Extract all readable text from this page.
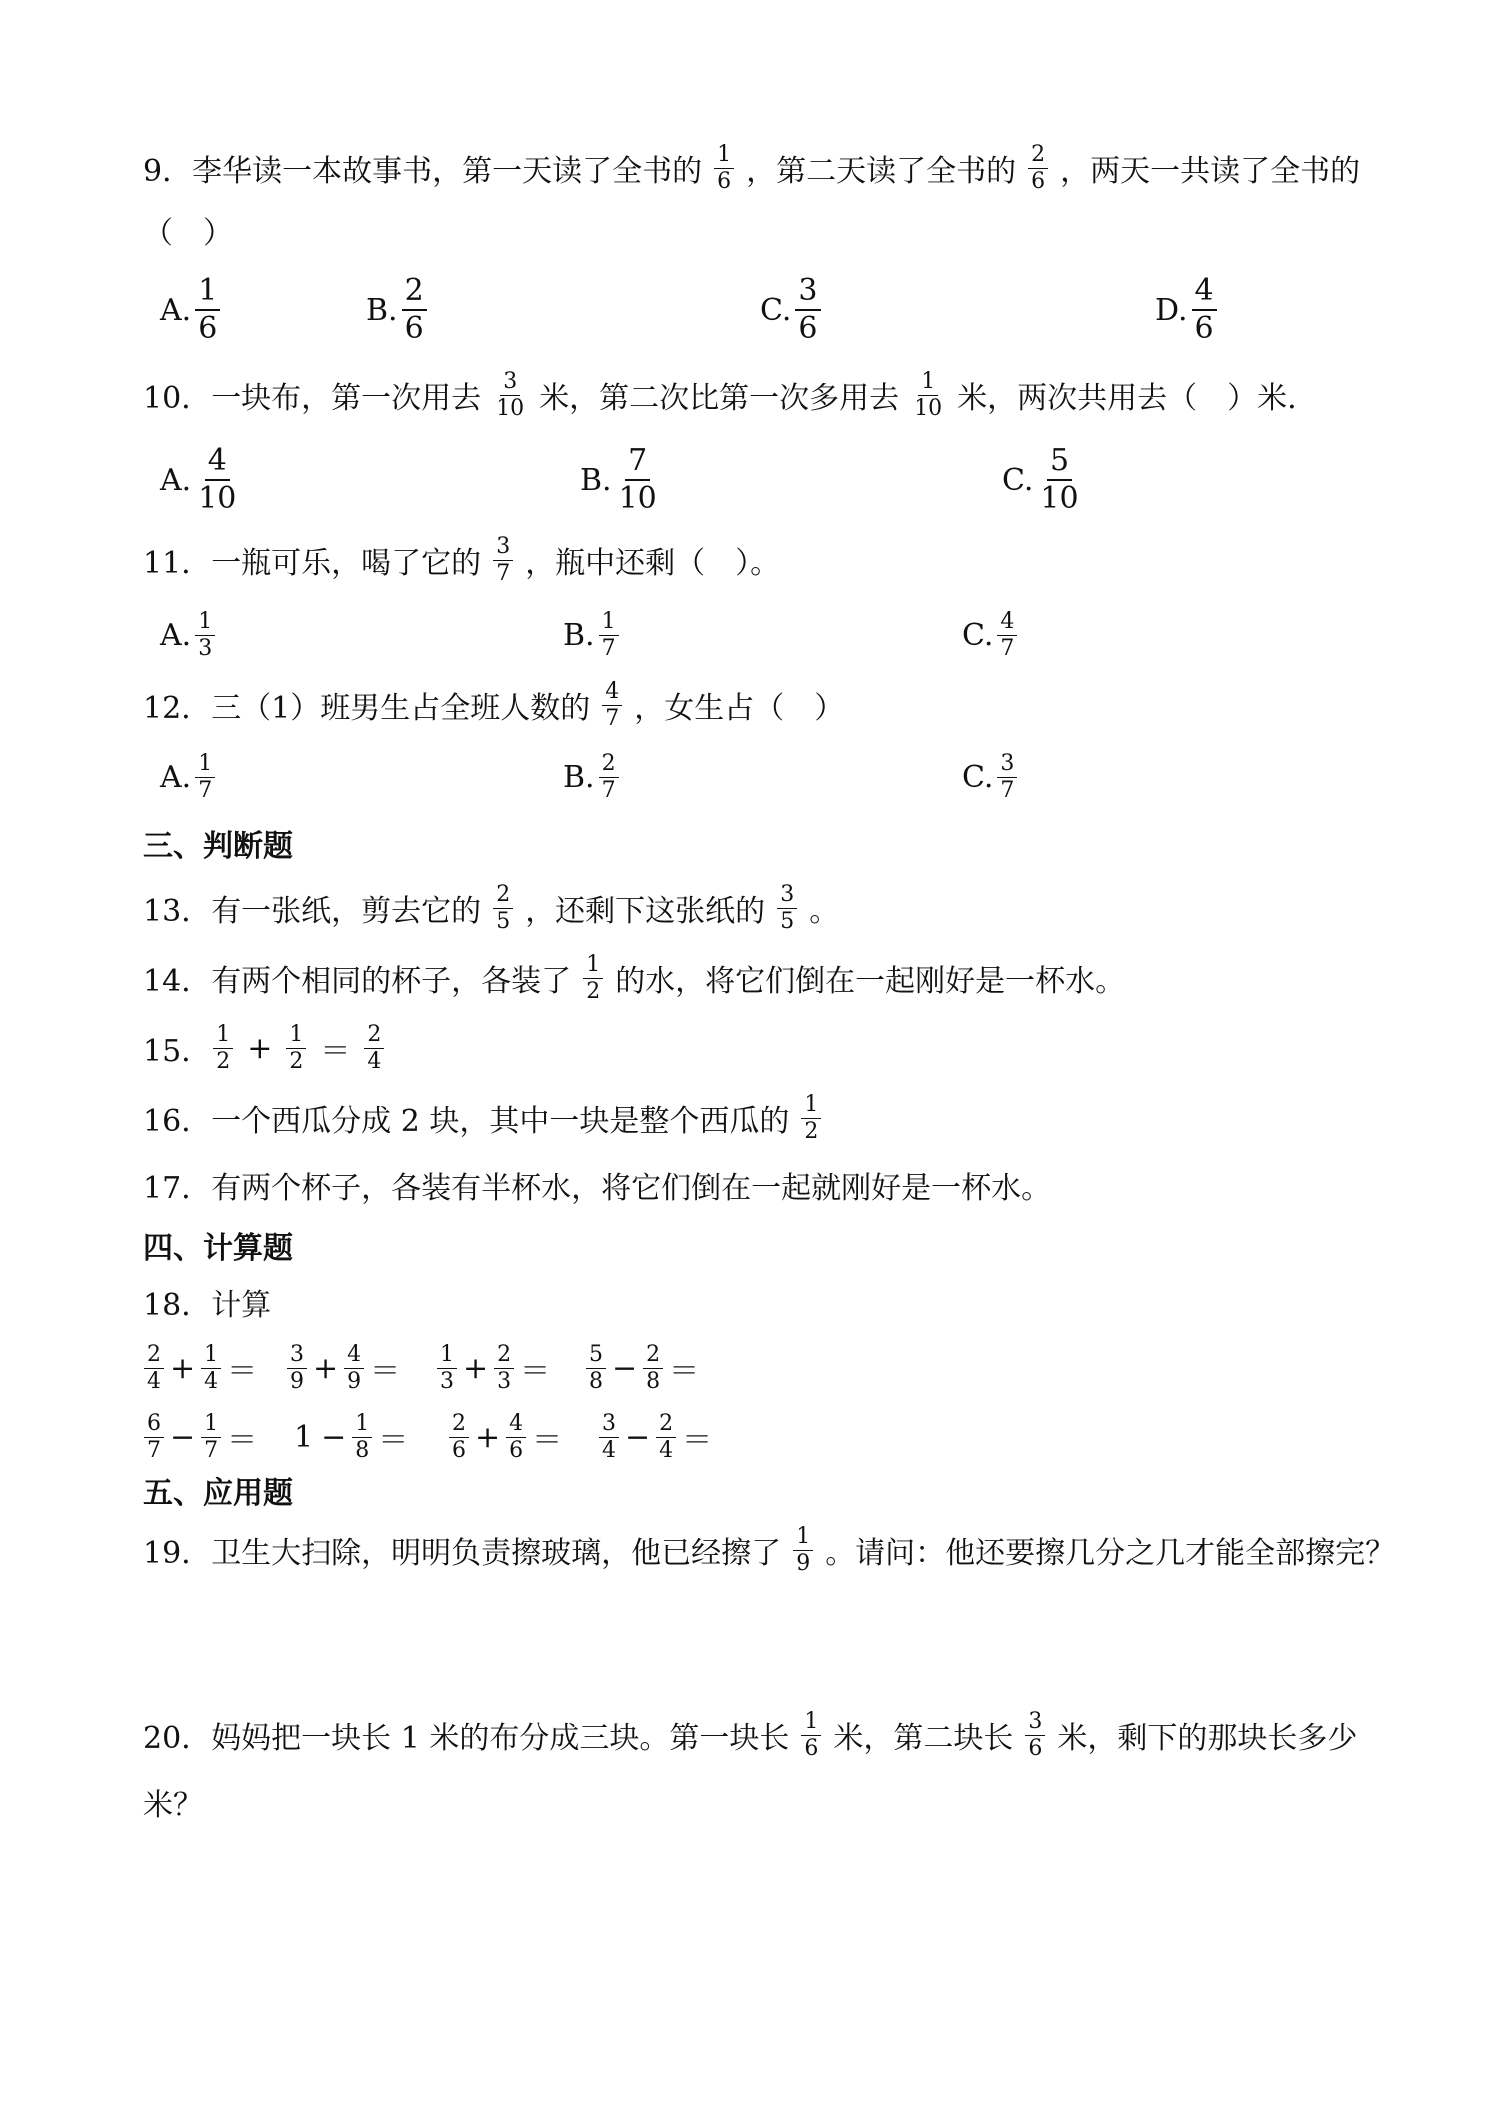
9． 李华读一本故事书，第一天读了全书的 $\frac{1}{6}$ ，第二天读了全书的 $\frac{2}{6}$ ，两天一共读了全书的
（　）
A. $\frac{1}{6}$	B. $\frac{2}{6}$	C. $\frac{3}{6}$	D. $\frac{4}{6}$
10． 一块布，第一次用去 $\frac{3}{10}$ 米，第二次比第一次多用去 $\frac{1}{10}$ 米，两次共用去（　）米.
A. $\frac{4}{10}$	B. $\frac{7}{10}$	C. $\frac{5}{10}$
11． 一瓶可乐，喝了它的 $\frac{3}{7}$ ，瓶中还剩（　）。
A. $\frac{1}{3}$	B. $\frac{1}{7}$	C. $\frac{4}{7}$
12． 三（1）班男生占全班人数的 $\frac{4}{7}$ ，女生占（　）
A. $\frac{1}{7}$	B. $\frac{2}{7}$	C. $\frac{3}{7}$
三、判断题
13． 有一张纸，剪去它的 $\frac{2}{5}$ ，还剩下这张纸的 $\frac{3}{5}$ 。
14． 有两个相同的杯子，各装了 $\frac{1}{2}$ 的水，将它们倒在一起刚好是一杯水。
15． $\frac{1}{2} + \frac{1}{2} = \frac{2}{4}$
16． 一个西瓜分成 2 块，其中一块是整个西瓜的 $\frac{1}{2}$
17． 有两个杯子，各装有半杯水，将它们倒在一起就刚好是一杯水。
四、计算题
18． 计算
$\frac{2}{4} + \frac{1}{4} = \frac{3}{9} + \frac{4}{9} = \frac{1}{3} + \frac{2}{3} = \frac{5}{8} - \frac{2}{8}$ ＝
$\frac{6}{7} - \frac{1}{7} = 1 - \frac{1}{8} = \frac{2}{6} + \frac{4}{6} = \frac{3}{4} - \frac{2}{4}$ ＝
五、应用题
19． 卫生大扫除，明明负责擦玻璃，他已经擦了 $\frac{1}{9}$ 。请问：他还要擦几分之几才能全部擦完？
20． 妈妈把一块长 1 米的布分成三块。第一块长 $\frac{1}{6}$ 米，第二块长 $\frac{3}{6}$ 米，剩下的那块长多少
米？
